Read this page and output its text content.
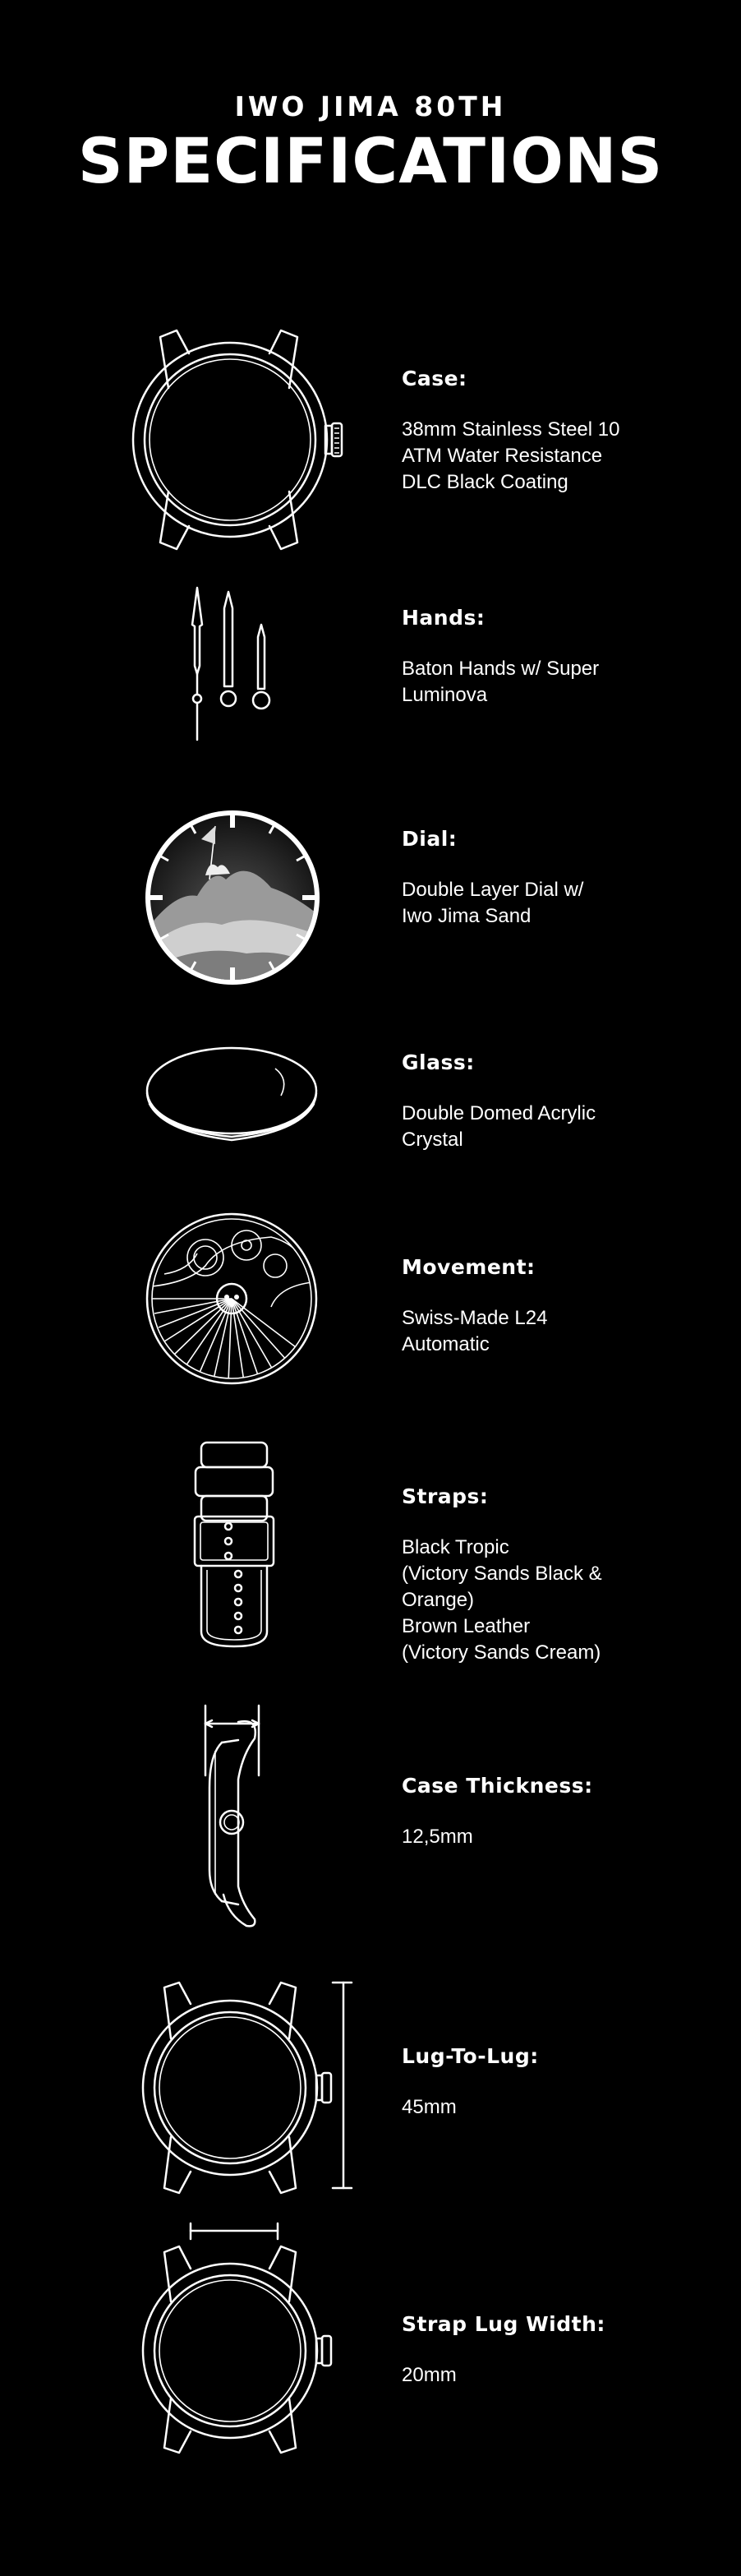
IWO JIMA 80TH
SPECIFICATIONS
Case:
38mm Stainless Steel 10
ATM Water Resistance
DLC Black Coating
Hands:
Baton Hands w/ Super
Luminova
Dial:
Double Layer Dial w/
Iwo Jima Sand
Glass:
Double Domed Acrylic
Crystal
Movement:
Swiss-Made L24
Automatic
Straps:
Black Tropic
(Victory Sands Black &
Orange)
Brown Leather
(Victory Sands Cream)
Case Thickness:
12,5mm
Lug-To-Lug:
45mm
Strap Lug Width:
20mm
